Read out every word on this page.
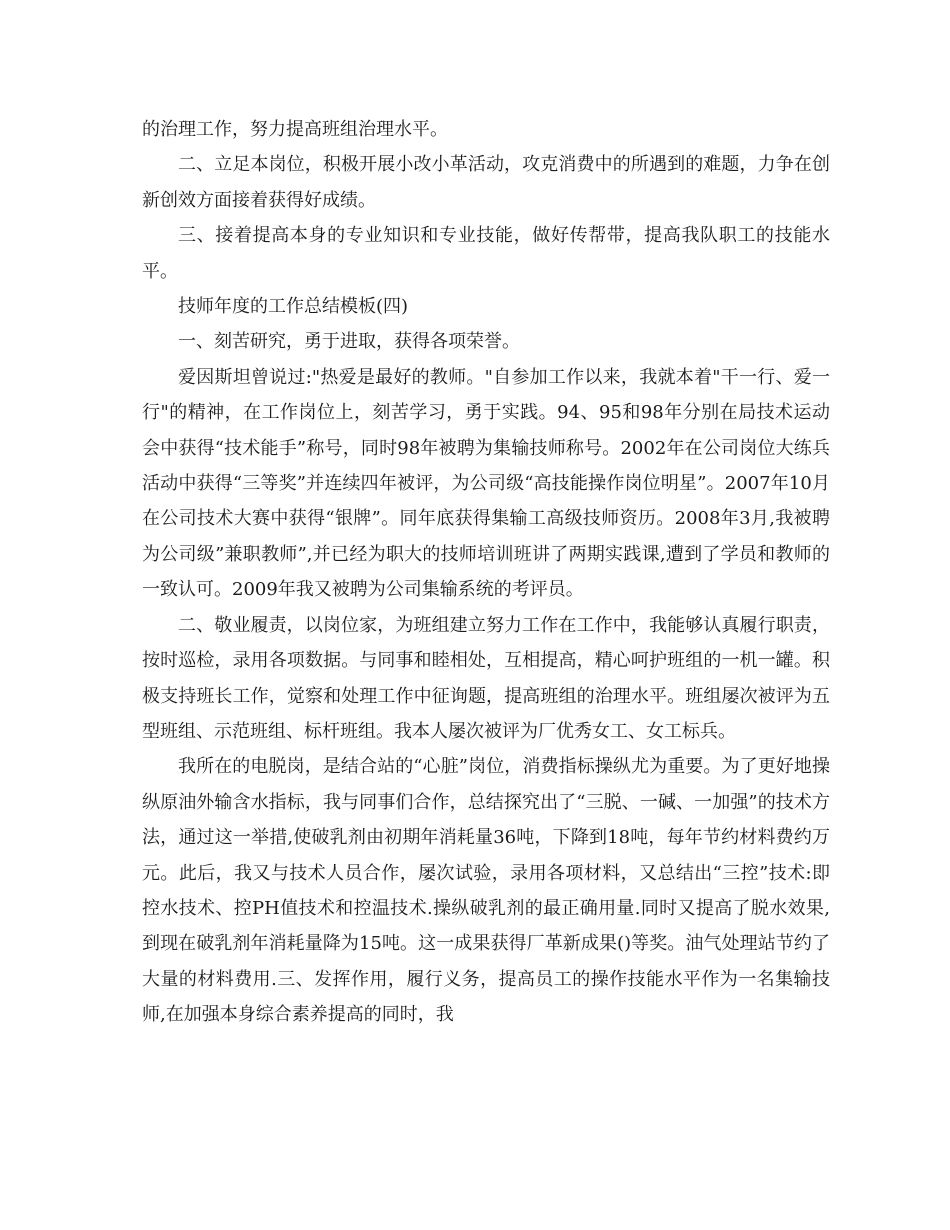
的治理工作，努力提高班组治理水平。

二、立足本岗位，积极开展小改小革活动，攻克消费中的所遇到的难题，力争在创新创效方面接着获得好成绩。

三、接着提高本身的专业知识和专业技能，做好传帮带，提高我队职工的技能水平。

技师年度的工作总结模板(四)

一、刻苦研究，勇于进取，获得各项荣誉。

爱因斯坦曾说过:"热爱是最好的教师。"自参加工作以来，我就本着"干一行、爱一行"的精神，在工作岗位上，刻苦学习，勇于实践。94、95和98年分别在局技术运动会中获得“技术能手”称号，同时98年被聘为集输技师称号。2002年在公司岗位大练兵活动中获得“三等奖”并连续四年被评，为公司级“高技能操作岗位明星”。2007年10月在公司技术大赛中获得“银牌”。同年底获得集输工高级技师资历。2008年3月,我被聘为公司级”兼职教师”,并已经为职大的技师培训班讲了两期实践课,遭到了学员和教师的一致认可。2009年我又被聘为公司集输系统的考评员。

二、敬业履责，以岗位家，为班组建立努力工作在工作中，我能够认真履行职责，按时巡检，录用各项数据。与同事和睦相处，互相提高，精心呵护班组的一机一罐。积极支持班长工作，觉察和处理工作中征询题，提高班组的治理水平。班组屡次被评为五型班组、示范班组、标杆班组。我本人屡次被评为厂优秀女工、女工标兵。

我所在的电脱岗，是结合站的“心脏”岗位，消费指标操纵尤为重要。为了更好地操纵原油外输含水指标，我与同事们合作，总结探究出了“三脱、一碱、一加强”的技术方法，通过这一举措,使破乳剂由初期年消耗量36吨，下降到18吨，每年节约材料费约万元。此后，我又与技术人员合作，屡次试验，录用各项材料，又总结出“三控”技术:即控水技术、控PH值技术和控温技术.操纵破乳剂的最正确用量.同时又提高了脱水效果,到现在破乳剂年消耗量降为15吨。这一成果获得厂革新成果()等奖。油气处理站节约了大量的材料费用.三、发挥作用，履行义务，提高员工的操作技能水平作为一名集输技师,在加强本身综合素养提高的同时，我
